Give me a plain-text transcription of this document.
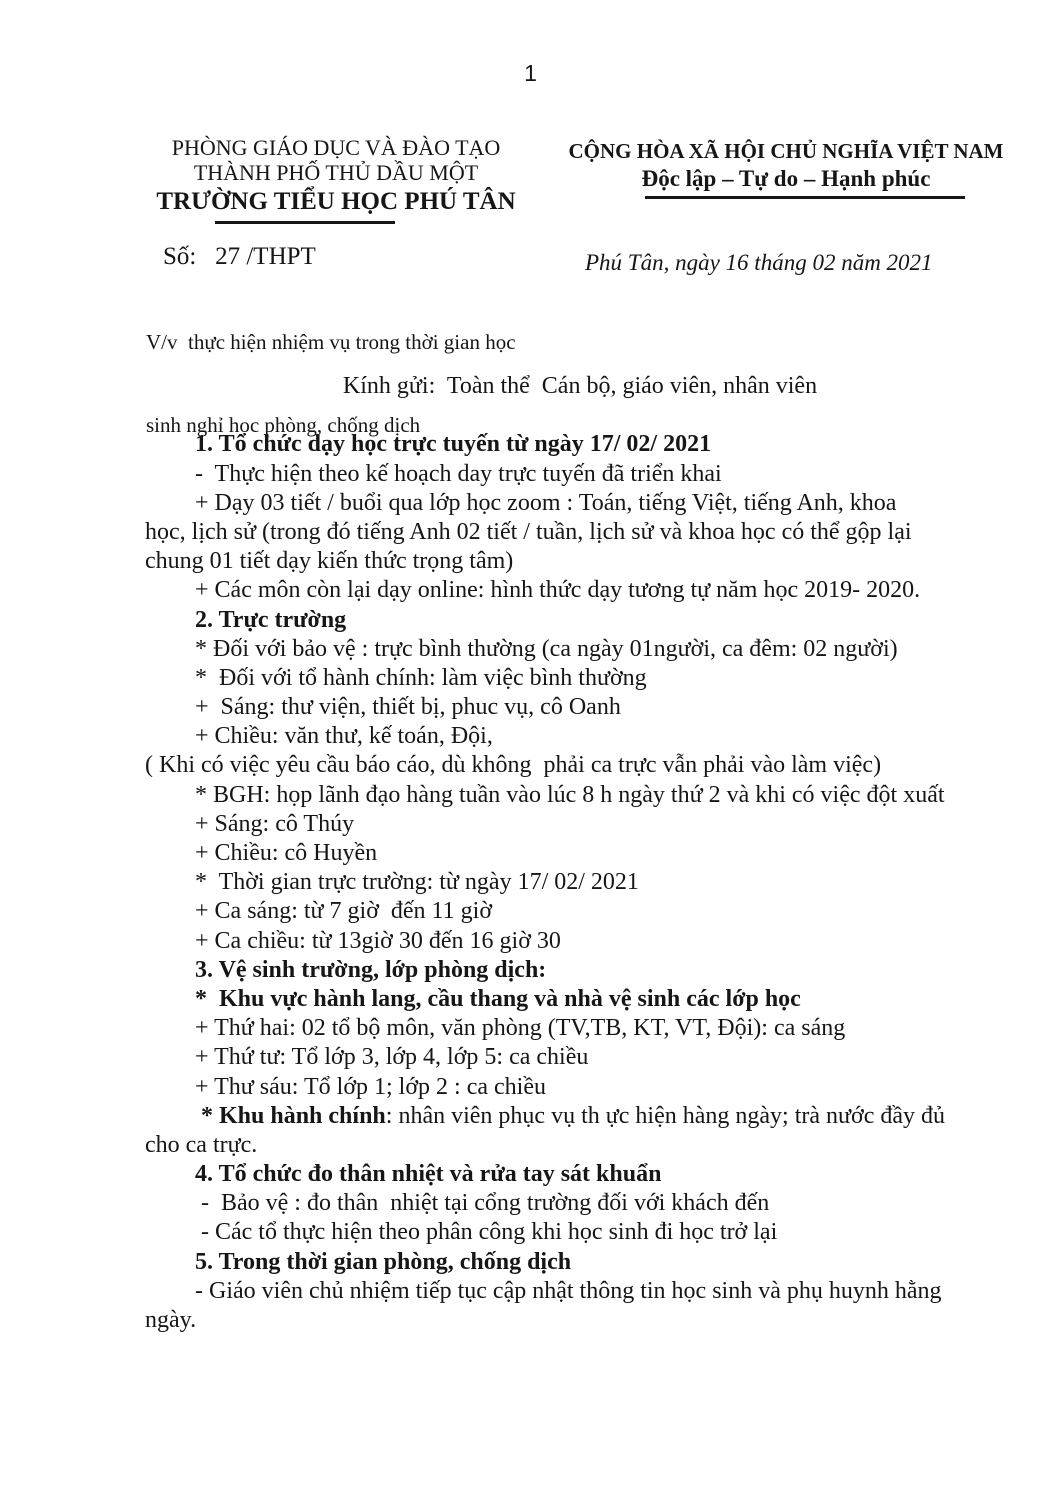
1
PHÒNG GIÁO DỤC VÀ ĐÀO TẠO
THÀNH PHỐ THỦ DẦU MỘT
TRƯỜNG TIỂU HỌC PHÚ TÂN
CỘNG HÒA XÃ HỘI CHỦ NGHĨA VIỆT NAM
Độc lập – Tự do – Hạnh phúc
Số:   27 /THPT

V/v  thực hiện nhiệm vụ trong thời gian học

sinh nghỉ học phòng, chống dịch

Phú Tân, ngày 16 tháng 02 năm 2021
Kính gửi:  Toàn thể  Cán bộ, giáo viên, nhân viên
1. Tổ chức dạy học trực tuyến từ ngày 17/ 02/ 2021
-  Thực hiện theo kế hoạch day trực tuyến đã triển khai
+ Dạy 03 tiết / buổi qua lớp học zoom : Toán, tiếng Việt, tiếng Anh, khoa
học, lịch sử (trong đó tiếng Anh 02 tiết / tuần, lịch sử và khoa học có thể gộp lại
chung 01 tiết dạy kiến thức trọng tâm)
+ Các môn còn lại dạy online: hình thức dạy tương tự năm học 2019- 2020.
2. Trực trường
* Đối với bảo vệ : trực bình thường (ca ngày 01người, ca đêm: 02 người)
*  Đối với tổ hành chính: làm việc bình thường
+  Sáng: thư viện, thiết bị, phuc vụ, cô Oanh
+ Chiều: văn thư, kế toán, Đội,
( Khi có việc yêu cầu báo cáo, dù không  phải ca trực vẫn phải vào làm việc)
* BGH: họp lãnh đạo hàng tuần vào lúc 8 h ngày thứ 2 và khi có việc đột xuất
+ Sáng: cô Thúy
+ Chiều: cô Huyền
*  Thời gian trực trường: từ ngày 17/ 02/ 2021
+ Ca sáng: từ 7 giờ  đến 11 giờ
+ Ca chiều: từ 13giờ 30 đến 16 giờ 30
3. Vệ sinh trường, lớp phòng dịch:
*  Khu vực hành lang, cầu thang và nhà vệ sinh các lớp học
+ Thứ hai: 02 tổ bộ môn, văn phòng (TV,TB, KT, VT, Đội): ca sáng
+ Thứ tư: Tổ lớp 3, lớp 4, lớp 5: ca chiều
+ Thư sáu: Tổ lớp 1; lớp 2 : ca chiều
* Khu hành chính: nhân viên phục vụ th ực hiện hàng ngày; trà nước đầy đủ
cho ca trực.
4. Tổ chức đo thân nhiệt và rửa tay sát khuẩn
-  Bảo vệ : đo thân  nhiệt tại cổng trường đối với khách đến
- Các tổ thực hiện theo phân công khi học sinh đi học trở lại
5. Trong thời gian phòng, chống dịch
- Giáo viên chủ nhiệm tiếp tục cập nhật thông tin học sinh và phụ huynh hằng
ngày.
